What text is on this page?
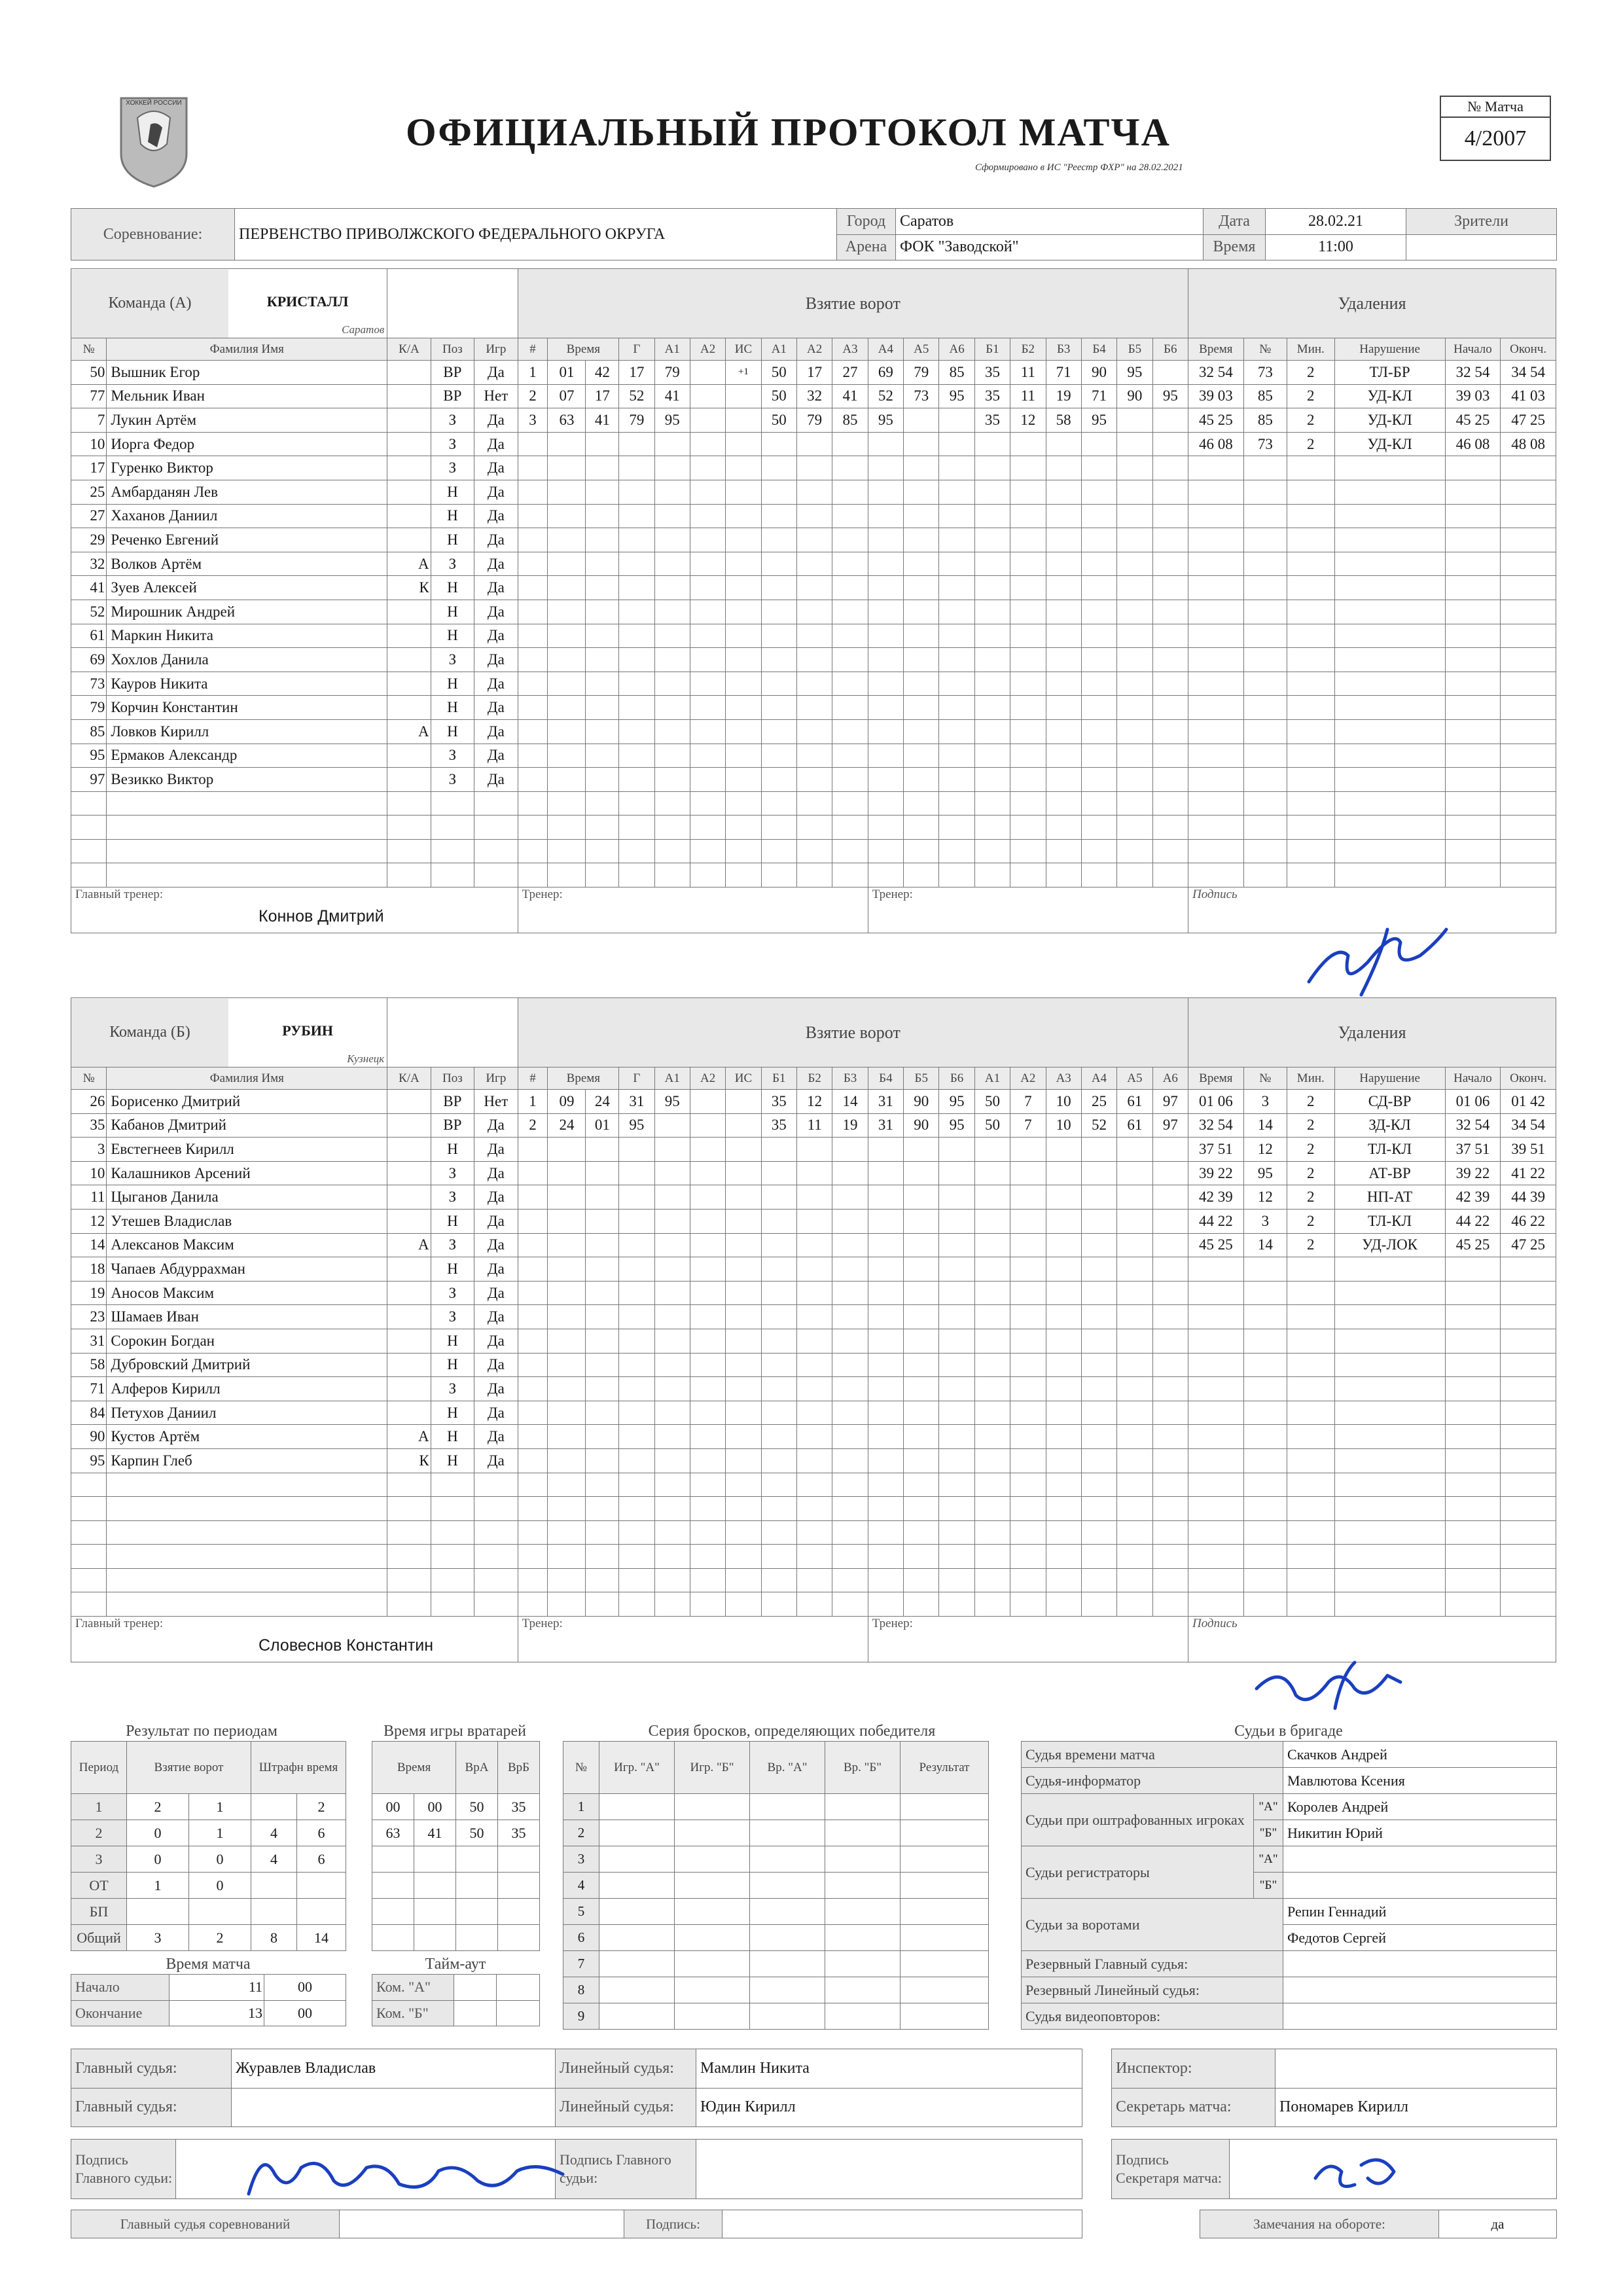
ХОККЕЙ РОССИИ
ОФИЦИАЛЬНЫЙ ПРОТОКОЛ МАТЧА
Сформировано в ИС "Реестр ФХР" на 28.02.2021
№ Матча
4/2007
Соревнование:	ПЕРВЕНСТВО ПРИВОЛЖСКОГО ФЕДЕРАЛЬНОГО ОКРУГА	Город	Саратов	Дата	28.02.21	Зрители
		Арена	ФОК "Заводской"	Время	11:00	
Команда (А) КРИСТАЛЛ
Саратов					Взятие ворот																			Удаления					
№	Фамилия Имя	К/А	Поз	Игр	#	Время		Г	А1	А2	ИС	А1	А2	А3	А4	А5	А6	Б1	Б2	Б3	Б4	Б5	Б6	Время	№	Мин.	Нарушение	Начало	Оконч.
50	Вышник Егор		ВР	Да	1	01	42	17	79		+1	50	17	27	69	79	85	35	11	71	90	95		32 54	73	2	ТЛ-БР	32 54	34 54
77	Мельник Иван		ВР	Нет	2	07	17	52	41			50	32	41	52	73	95	35	11	19	71	90	95	39 03	85	2	УД-КЛ	39 03	41 03
7	Лукин Артём		З	Да	3	63	41	79	95			50	79	85	95			35	12	58	95			45 25	85	2	УД-КЛ	45 25	47 25
10	Иорга Федор		З	Да																				46 08	73	2	УД-КЛ	46 08	48 08
17	Гуренко Виктор		З	Да																									
25	Амбарданян Лев		Н	Да																									
27	Хаханов Даниил		Н	Да																									
29	Реченко Евгений		Н	Да																									
32	Волков Артём	А	З	Да																									
41	Зуев Алексей	К	Н	Да																									
52	Мирошник Андрей		Н	Да																									
61	Маркин Никита		Н	Да																									
69	Хохлов Данила		З	Да																									
73	Кауров Никита		Н	Да																									
79	Корчин Константин		Н	Да																									
85	Ловков Кирилл	А	Н	Да																									
95	Ермаков Александр		З	Да																									
97	Везикко Виктор		З	Да																									

Главный тренер:
Коннов Дмитрий					Тренер:										Тренер:									Подпись					
Команда (Б) РУБИН
Кузнецк					Взятие ворот																			Удаления					
№	Фамилия Имя	К/А	Поз	Игр	#	Время		Г	А1	А2	ИС	Б1	Б2	Б3	Б4	Б5	Б6	А1	А2	А3	А4	А5	А6	Время	№	Мин.	Нарушение	Начало	Оконч.
26	Борисенко Дмитрий		ВР	Нет	1	09	24	31	95			35	12	14	31	90	95	50	7	10	25	61	97	01 06	3	2	СД-ВР	01 06	01 42
35	Кабанов Дмитрий		ВР	Да	2	24	01	95				35	11	19	31	90	95	50	7	10	52	61	97	32 54	14	2	ЗД-КЛ	32 54	34 54
3	Евстегнеев Кирилл		Н	Да																				37 51	12	2	ТЛ-КЛ	37 51	39 51
10	Калашников Арсений		З	Да																				39 22	95	2	АТ-ВР	39 22	41 22
11	Цыганов Данила		З	Да																				42 39	12	2	НП-АТ	42 39	44 39
12	Утешев Владислав		Н	Да																				44 22	3	2	ТЛ-КЛ	44 22	46 22
14	Алексанов Максим	А	З	Да																				45 25	14	2	УД-ЛОК	45 25	47 25
18	Чапаев Абдуррахман		Н	Да																									
19	Аносов Максим		З	Да																									
23	Шамаев Иван		З	Да																									
31	Сорокин Богдан		Н	Да																									
58	Дубровский Дмитрий		Н	Да																									
71	Алферов Кирилл		З	Да																									
84	Петухов Даниил		Н	Да																									
90	Кустов Артём	А	Н	Да																									
95	Карпин Глеб	К	Н	Да																									

Главный тренер:
Словеснов Константин					Тренер:										Тренер:									Подпись					
Результат по периодам
Период	Взятие ворот		Штрафн время	
1	2	1		2
2	0	1	4	6
3	0	0	4	6
ОТ	1	0		
БП				
Общий	3	2	8	14
Время игры вратарей
Время		ВрА	ВрБ
00	00	50	35
63	41	50	35

Время матча
Начало	11	00
Окончание	13	00
Тайм-аут
Ком. "А"		
Ком. "Б"		
Серия бросков, определяющих победителя
№	Игр. "А"	Игр. "Б"	Вр. "А"	Вр. "Б"	Результат
1					
2					
3					
4					
5					
6					
7					
8					
9					
Судьи в бригаде
Судья времени матча		Скачков Андрей
Судья-информатор		Мавлютова Ксения
Судьи при оштрафованных игроках	"А"	Королев Андрей
	"Б"	Никитин Юрий
Судьи регистраторы	"А"	
	"Б"	
Судьи за воротами		Репин Геннадий
		Федотов Сергей
Резервный Главный судья:		
Резервный Линейный судья:		
Судья видеоповторов:		
Главный судья:	Журавлев Владислав	Линейный судья:	Мамлин Никита		Инспектор:	
Главный судья:		Линейный судья:	Юдин Кирилл		Секретарь матча:	Пономарев Кирилл
Подпись Главного судьи:		Подпись Главного судьи:			Подпись Секретаря матча:	
Главный судья соревнований		Подпись:			Замечания на обороте:	да
